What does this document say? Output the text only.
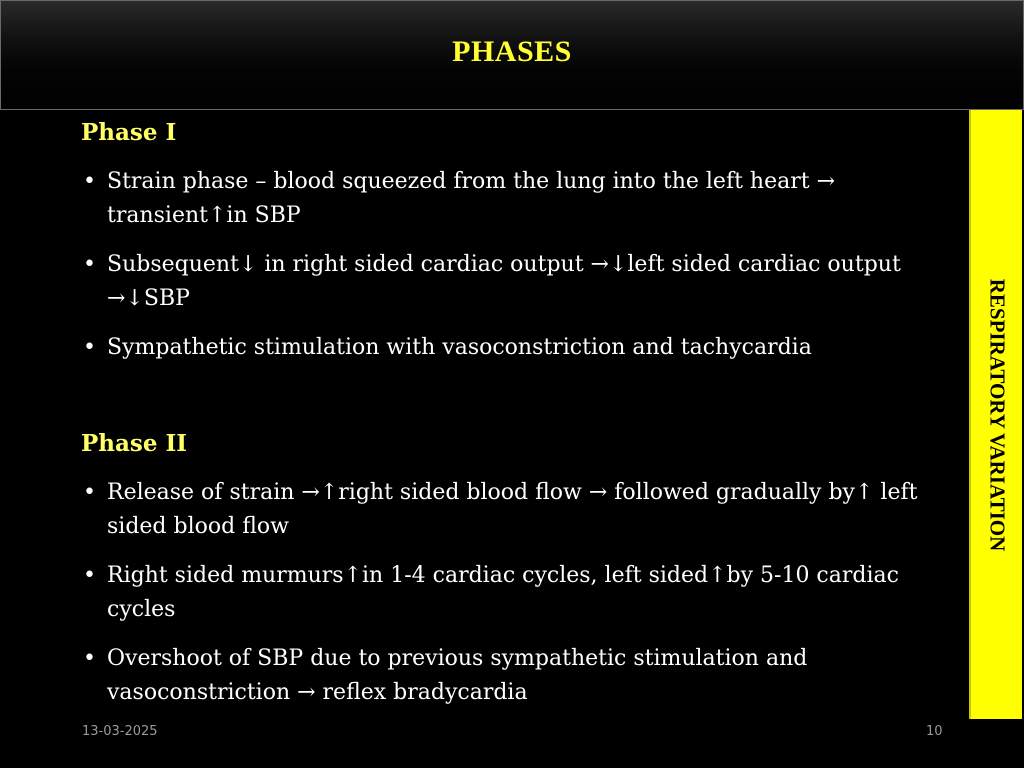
PHASES
Phase I
• Strain phase – blood squeezed from the lung into the left heart → transient↑in SBP
• Subsequent↓ in right sided cardiac output →↓left sided cardiac output →↓SBP
• Sympathetic stimulation with vasoconstriction and tachycardia
Phase II
• Release of strain →↑right sided blood flow → followed gradually by↑ left sided blood flow
• Right sided murmurs↑in 1-4 cardiac cycles, left sided↑by 5-10 cardiac cycles
• Overshoot of SBP due to previous sympathetic stimulation and vasoconstriction → reflex bradycardia
RESPIRATORY VARIATION
13-03-2025	10
